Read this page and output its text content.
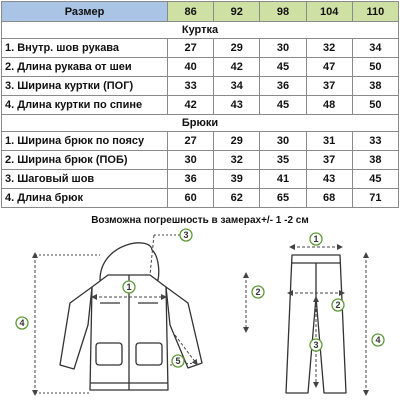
Размер	86	92	98	104	110

Куртка					

1. Внутр. шов рукава	27	29	30	32	34
2. Длина рукава от шеи	40	42	45	47	50
3. Ширина куртки (ПОГ)	33	34	36	37	38
4. Длина куртки по спине	42	43	45	48	50

Брюки					

1. Ширина брюк по поясу	27	29	30	31	33
2. Ширина брюк (ПОБ)	30	32	35	37	38
3. Шаговый шов	36	39	41	43	45
4. Длина брюк	60	62	65	68	71
Возможна погрешность в замерах+/- 1 -2 см
1	2
3
4
5
1
2
3	4
